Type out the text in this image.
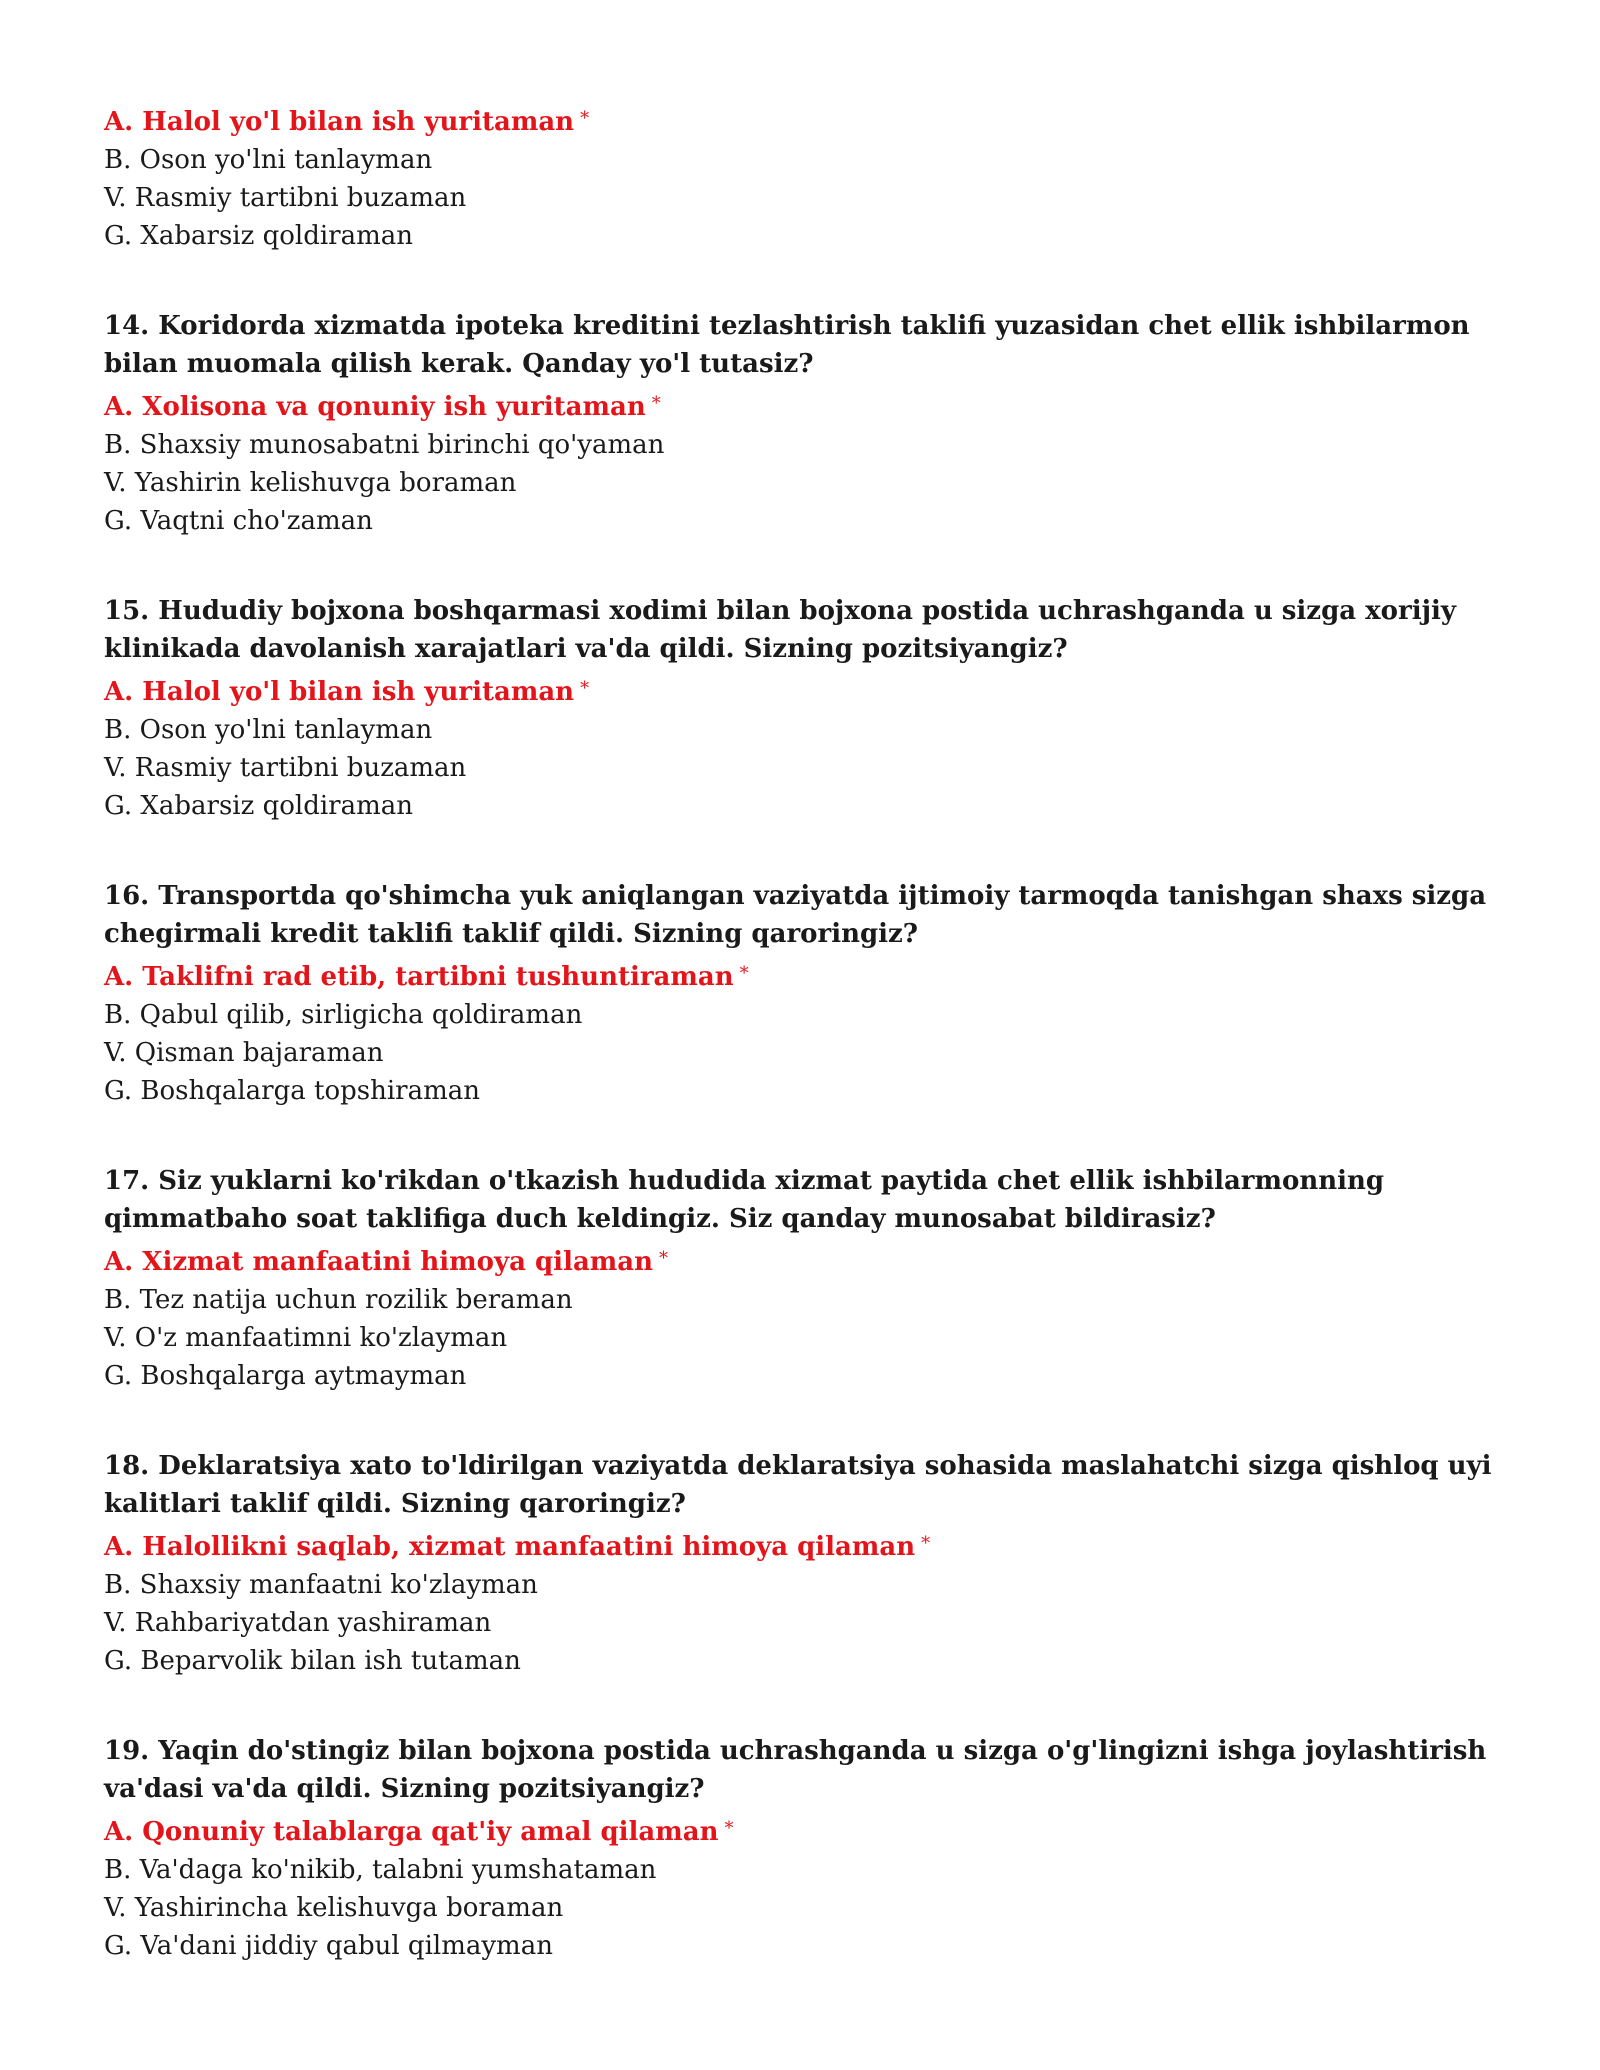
A. Halol yo'l bilan ish yuritaman *

B. Oson yo'lni tanlayman

V. Rasmiy tartibni buzaman

G. Xabarsiz qoldiraman

14. Koridorda xizmatda ipoteka kreditini tezlashtirish taklifi yuzasidan chet ellik ishbilarmon bilan muomala qilish kerak. Qanday yo'l tutasiz?

A. Xolisona va qonuniy ish yuritaman *

B. Shaxsiy munosabatni birinchi qo'yaman

V. Yashirin kelishuvga boraman

G. Vaqtni cho'zaman

15. Hududiy bojxona boshqarmasi xodimi bilan bojxona postida uchrashganda u sizga xorijiy klinikada davolanish xarajatlari va'da qildi. Sizning pozitsiyangiz?

A. Halol yo'l bilan ish yuritaman *

B. Oson yo'lni tanlayman

V. Rasmiy tartibni buzaman

G. Xabarsiz qoldiraman

16. Transportda qo'shimcha yuk aniqlangan vaziyatda ijtimoiy tarmoqda tanishgan shaxs sizga chegirmali kredit taklifi taklif qildi. Sizning qaroringiz?

A. Taklifni rad etib, tartibni tushuntiraman *

B. Qabul qilib, sirligicha qoldiraman

V. Qisman bajaraman

G. Boshqalarga topshiraman

17. Siz yuklarni ko'rikdan o'tkazish hududida xizmat paytida chet ellik ishbilarmonning qimmatbaho soat taklifiga duch keldingiz. Siz qanday munosabat bildirasiz?

A. Xizmat manfaatini himoya qilaman *

B. Tez natija uchun rozilik beraman

V. O'z manfaatimni ko'zlayman

G. Boshqalarga aytmayman

18. Deklaratsiya xato to'ldirilgan vaziyatda deklaratsiya sohasida maslahatchi sizga qishloq uyi kalitlari taklif qildi. Sizning qaroringiz?

A. Halollikni saqlab, xizmat manfaatini himoya qilaman *

B. Shaxsiy manfaatni ko'zlayman

V. Rahbariyatdan yashiraman

G. Beparvolik bilan ish tutaman

19. Yaqin do'stingiz bilan bojxona postida uchrashganda u sizga o'g'lingizni ishga joylashtirish va'dasi va'da qildi. Sizning pozitsiyangiz?

A. Qonuniy talablarga qat'iy amal qilaman *

B. Va'daga ko'nikib, talabni yumshataman

V. Yashirincha kelishuvga boraman

G. Va'dani jiddiy qabul qilmayman
